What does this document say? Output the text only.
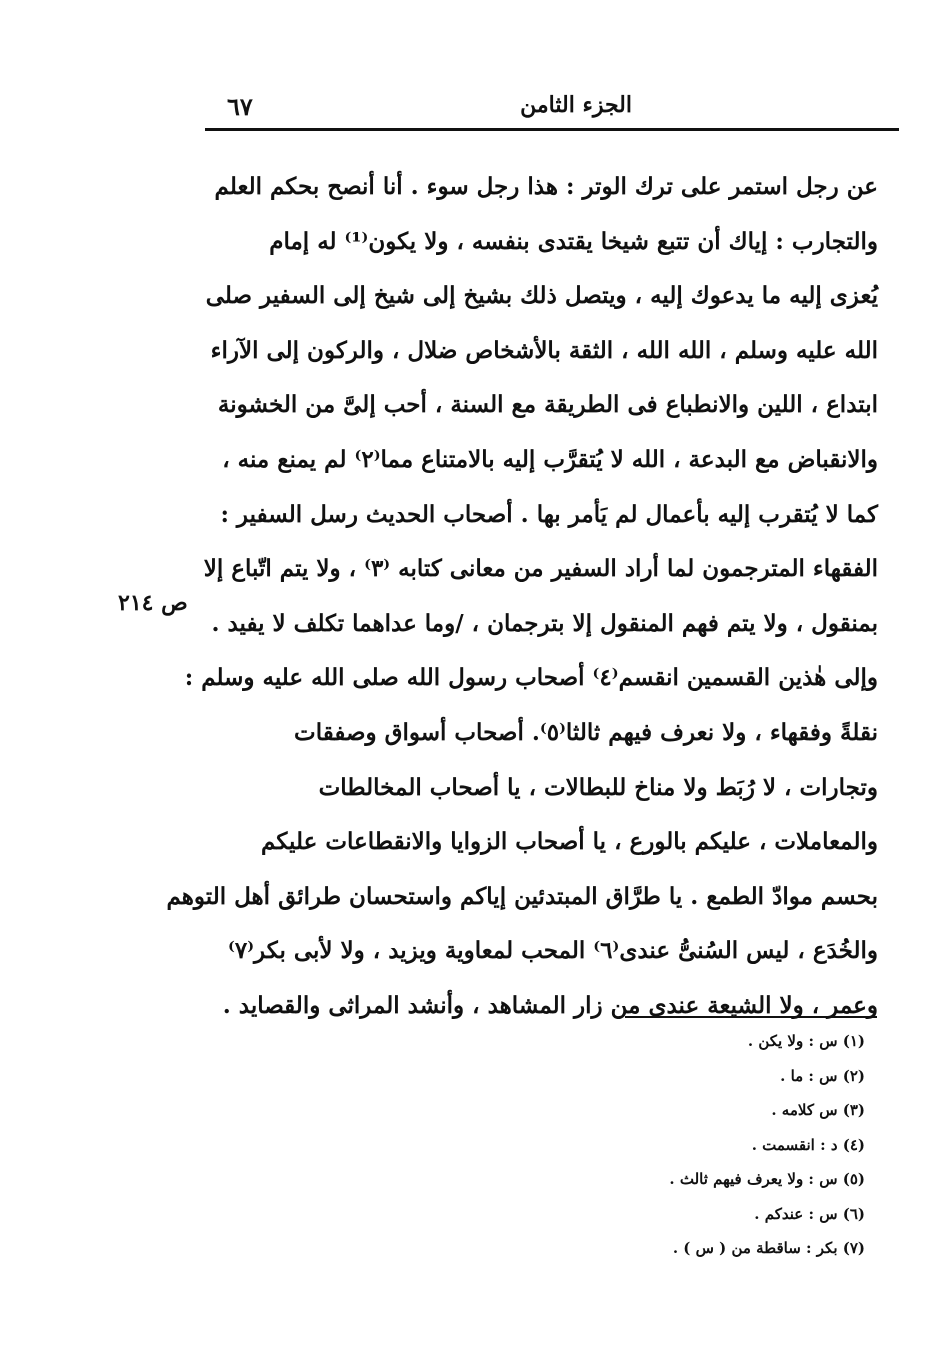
الجزء الثامن
٦٧
ص ٢١٤
عن رجل استمر على ترك الوتر : هذا رجل سوء . أنا أنصح بحكم العلم
والتجارب : إياك أن تتبع شيخا يقتدى بنفسه ، ولا يكون⁽¹⁾ له إمام
يُعزى إليه ما يدعوك إليه ، ويتصل ذلك بشيخ إلى شيخ إلى السفير صلى
الله عليه وسلم ، الله الله ، الثقة بالأشخاص ضلال ، والركون إلى الآراء
ابتداع ، اللين والانطباع فى الطريقة مع السنة ، أحب إلىَّ من الخشونة
والانقباض مع البدعة ، الله لا يُتقرَّب إليه بالامتناع مما⁽٢⁾ لم يمنع منه ،
كما لا يُتقرب إليه بأعمال لم يَأمر بها . أصحاب الحديث رسل السفير :
الفقهاء المترجمون لما أراد السفير من معانى كتابه ⁽٣⁾ ، ولا يتم اتّباع إلا
بمنقول ، ولا يتم فهم المنقول إلا بترجمان ، /وما عداهما تكلف لا يفيد .
وإلى هٰذين القسمين انقسم⁽٤⁾ أصحاب رسول الله صلى الله عليه وسلم :
نقلةً وفقهاء ، ولا نعرف فيهم ثالثا⁽٥⁾. أصحاب أسواق وصفقات
وتجارات ، لا رُبَط ولا مناخ للبطالات ، يا أصحاب المخالطات
والمعاملات ، عليكم بالورع ، يا أصحاب الزوايا والانقطاعات عليكم
بحسم موادّ الطمع . يا طرَّاق المبتدئين إياكم واستحسان طرائق أهل التوهم
والخُدَع ، ليس السُنىُّ عندى⁽٦⁾ المحب لمعاوية ويزيد ، ولا لأبى بكر⁽٧⁾
وعمر ، ولا الشيعة عندى من زار المشاهد ، وأنشد المراثى والقصايد .
(١) س : ولا يكن .
(٢) س : ما .
(٣) س كلامه .
(٤) د : انقسمت .
(٥) س : ولا يعرف فيهم ثالث .
(٦) س : عندكم .
(٧) بكر : ساقطة من ( س ) .
